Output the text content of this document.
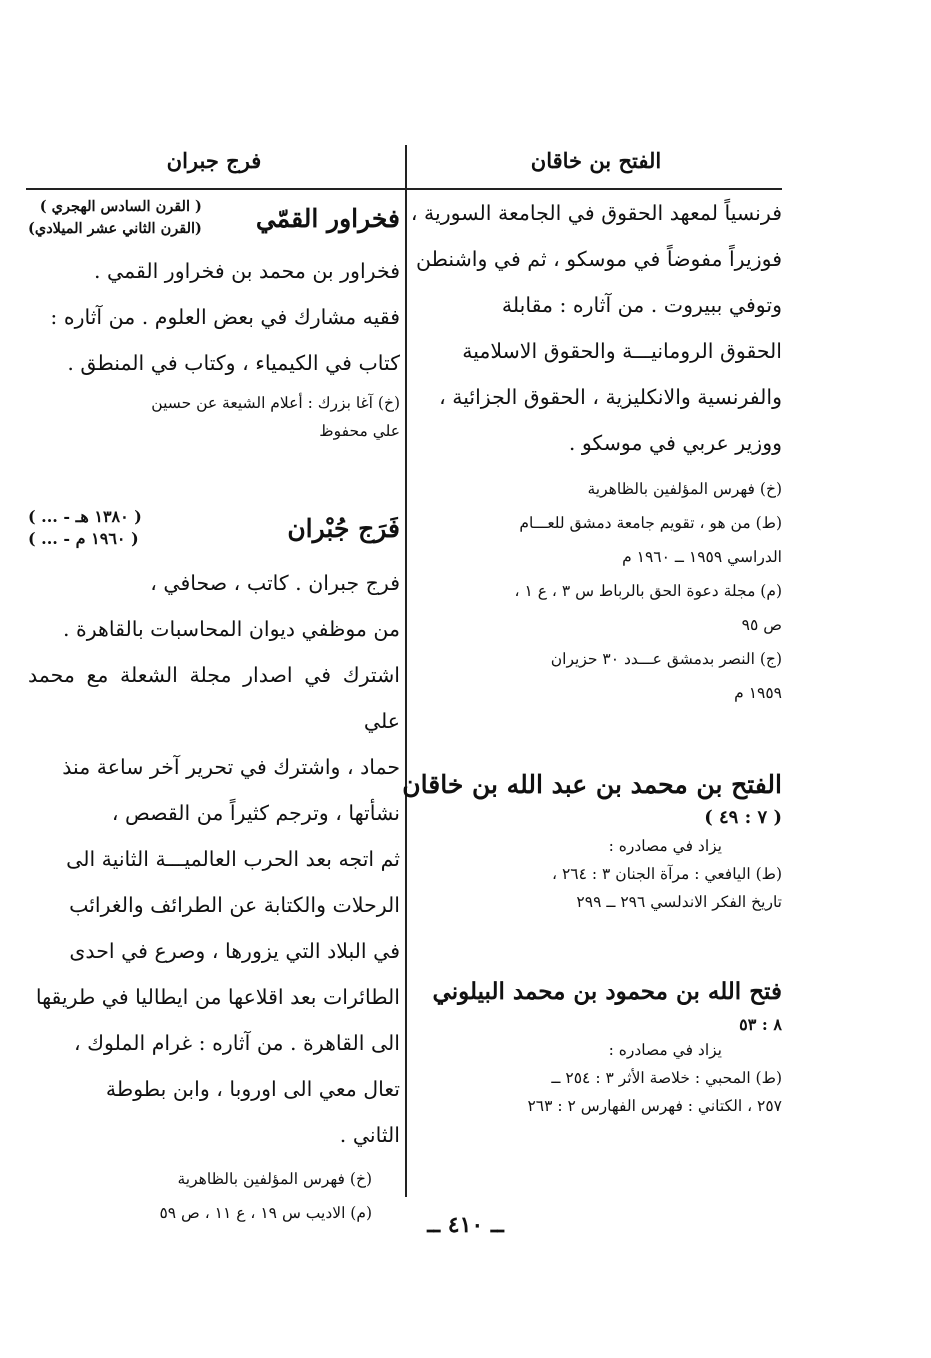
الفتح بن خاقان
فرنسياً لمعهد الحقوق في الجامعة السورية ،
فوزيراً مفوضاً في موسكو ، ثم في واشنطن
وتوفي ببيروت . من آثاره : مقابلة
الحقوق الرومانيـــة والحقوق الاسلامية
والفرنسية والانكليزية ، الحقوق الجزائية ،
ووزير عربي في موسكو .
(خ) فهرس المؤلفين بالظاهرية
(ط) من هو ، تقويم جامعة دمشق للعـــام
الدراسي ١٩٥٩ ــ ١٩٦٠ م
(م) مجلة دعوة الحق بالرباط س ٣ ، ع ١ ،
ص ٩٥
(ج) النصر بدمشق عـــدد ٣٠ حزيران
١٩٥٩ م
الفتح بن محمد بن عبد الله بن خاقان
( ٧ : ٤٩ )
يزاد في مصادره :
(ط) اليافعي : مرآة الجنان ٣ : ٢٦٤ ،
تاريخ الفكر الاندلسي ٢٩٦ ــ ٢٩٩
فتح الله بن محمود بن محمد البيلوني
٨ : ٥٣
يزاد في مصادره :
(ط) المحبي : خلاصة الأثر ٣ : ٢٥٤ ــ
٢٥٧ ، الكتاني : فهرس الفهارس ٢ : ٢٦٣
فرج جبران
فخراور القمّي
( القرن السادس الهجري )
(القرن الثاني عشر الميلادي)
فخراور بن محمد بن فخراور القمي .
فقيه مشارك في بعض العلوم . من آثاره :
كتاب في الكيمياء ، وكتاب في المنطق .
(خ) آغا بزرك : أعلام الشيعة عن حسين
علي محفوظ
فَرَج جُبْران
( ... - ١٣٨٠ هـ )
( ... - ١٩٦٠ م )
فرج جبران . كاتب ، صحافي ،
من موظفي ديوان المحاسبات بالقاهرة .
اشترك في اصدار مجلة الشعلة مع محمد علي
حماد ، واشترك في تحرير آخر ساعة منذ
نشأتها ، وترجم كثيراً من القصص ،
ثم اتجه بعد الحرب العالميـــة الثانية الى
الرحلات والكتابة عن الطرائف والغرائب
في البلاد التي يزورها ، وصرع في احدى
الطائرات بعد اقلاعها من ايطاليا في طريقها
الى القاهرة . من آثاره : غرام الملوك ،
تعال معي الى اوروبا ، وابن بطوطة
الثاني .
(خ) فهرس المؤلفين بالظاهرية
(م) الاديب س ١٩ ، ع ١١ ، ص ٥٩	ــ ٤١٠ ــ
